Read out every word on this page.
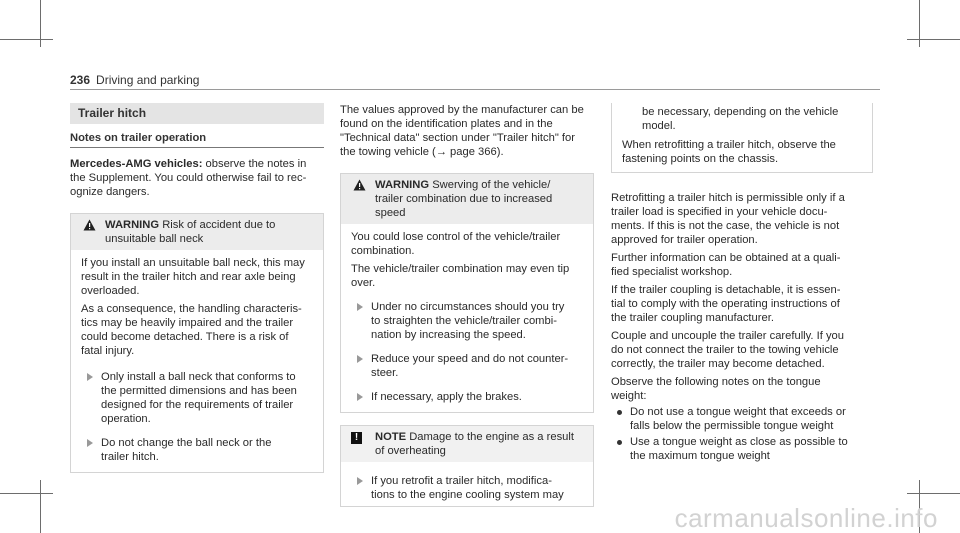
236 Driving and parking
Trailer hitch
Notes on trailer operation

Mercedes-AMG vehicles: observe the notes in
the Supplement. You could otherwise fail to rec-
ognize dangers.

WARNING Risk of accident due to
unsuitable ball neck

If you install an unsuitable ball neck, this may
result in the trailer hitch and rear axle being
overloaded.

As a consequence, the handling characteris-
tics may be heavily impaired and the trailer
could become detached. There is a risk of
fatal injury.

Only install a ball neck that conforms to
the permitted dimensions and has been
designed for the requirements of trailer
operation.

Do not change the ball neck or the
trailer hitch.

The values approved by the manufacturer can be
found on the identification plates and in the
"Technical data" section under "Trailer hitch" for
the towing vehicle (→ page 366).

WARNING Swerving of the vehicle/
trailer combination due to increased
speed

You could lose control of the vehicle/trailer
combination.

The vehicle/trailer combination may even tip
over.

Under no circumstances should you try
to straighten the vehicle/trailer combi-
nation by increasing the speed.

Reduce your speed and do not counter-
steer.

If necessary, apply the brakes.

!	NOTE Damage to the engine as a result
of overheating

If you retrofit a trailer hitch, modifica-
tions to the engine cooling system may

be necessary, depending on the vehicle
model.

When retrofitting a trailer hitch, observe the
fastening points on the chassis.

Retrofitting a trailer hitch is permissible only if a
trailer load is specified in your vehicle docu-
ments. If this is not the case, the vehicle is not
approved for trailer operation.

Further information can be obtained at a quali-
fied specialist workshop.

If the trailer coupling is detachable, it is essen-
tial to comply with the operating instructions of
the trailer coupling manufacturer.

Couple and uncouple the trailer carefully. If you
do not connect the trailer to the towing vehicle
correctly, the trailer may become detached.

Observe the following notes on the tongue
weight:

Do not use a tongue weight that exceeds or
falls below the permissible tongue weight

Use a tongue weight as close as possible to
the maximum tongue weight

carmanualsonline.info
